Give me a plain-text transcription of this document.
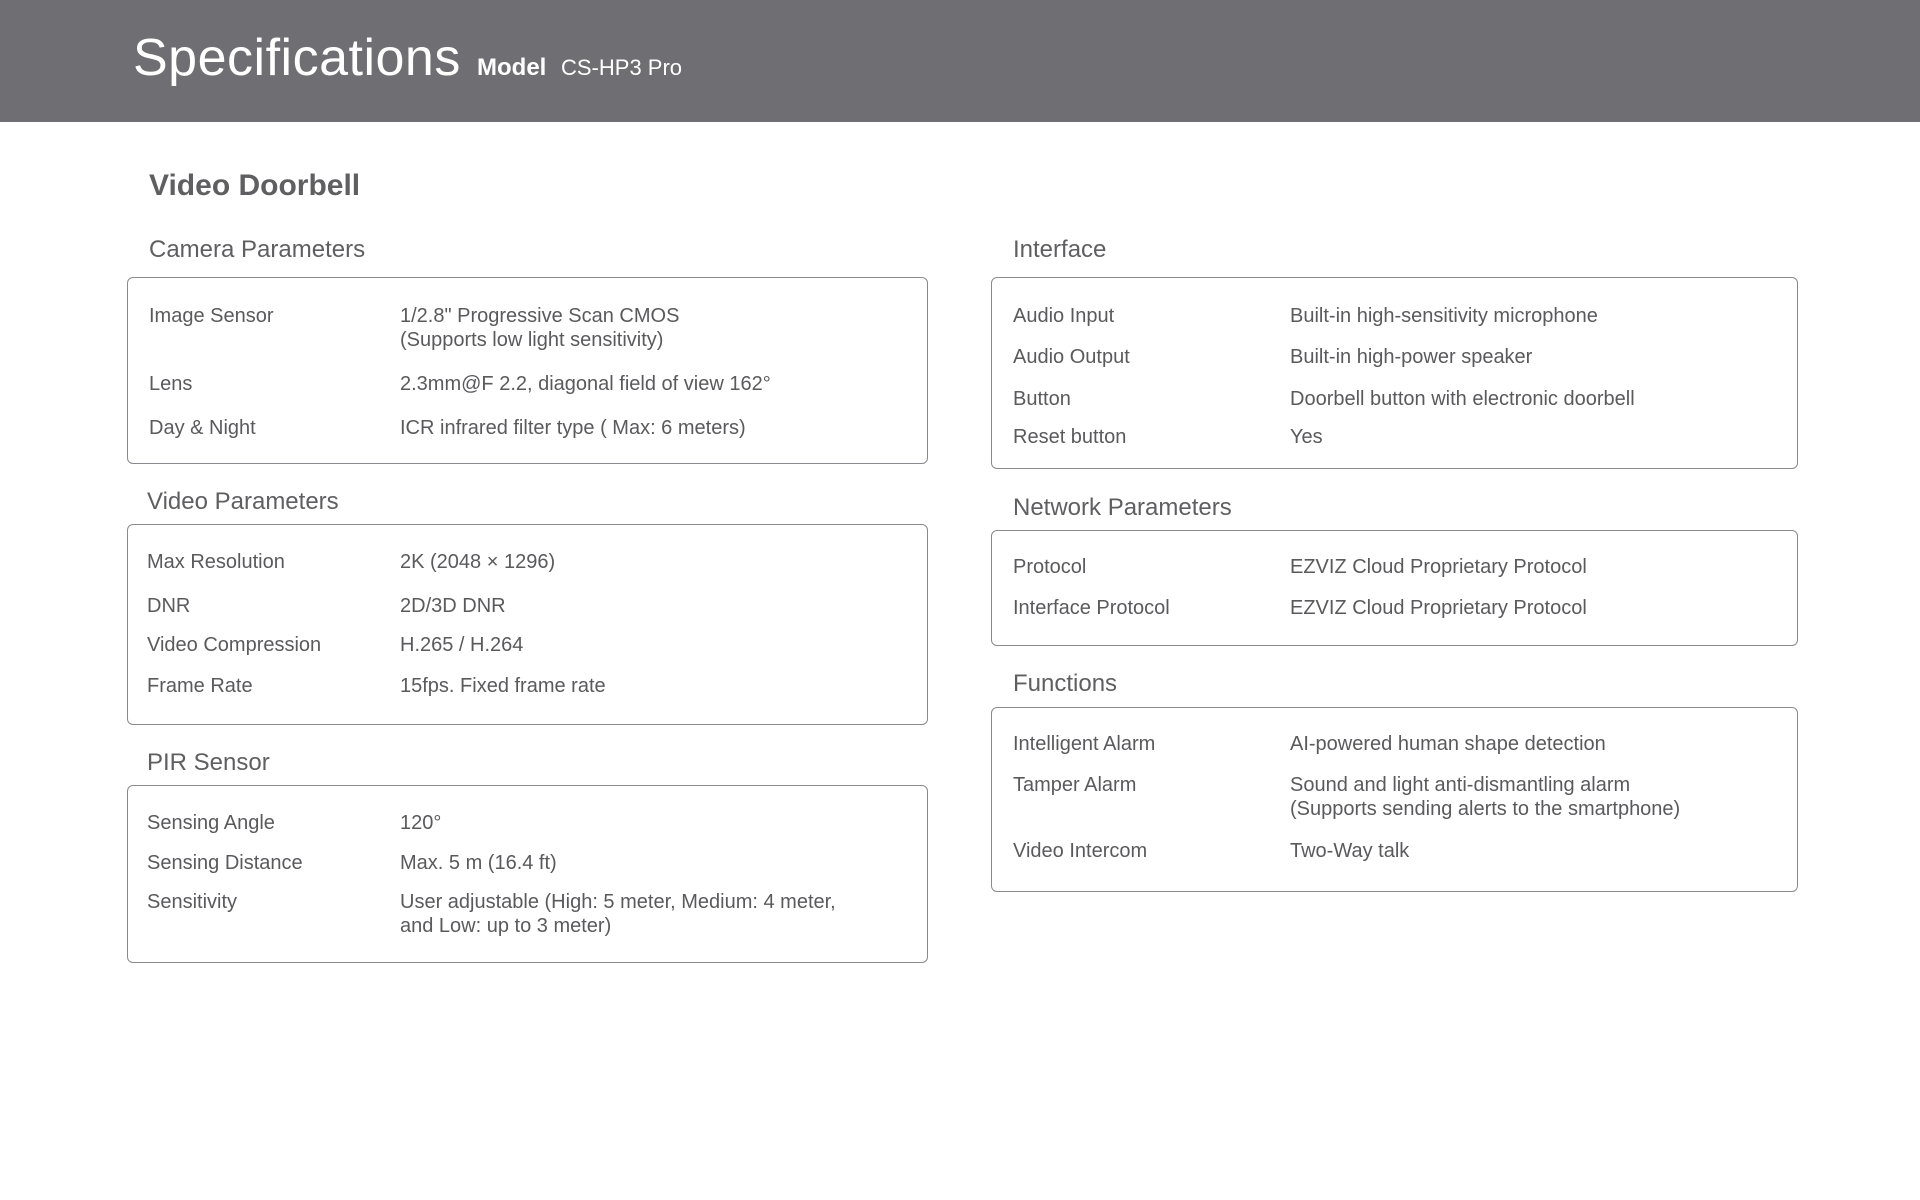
Specifications Model CS-HP3 Pro
Video Doorbell
Camera Parameters
Image Sensor	1/2.8" Progressive Scan CMOS
(Supports low light sensitivity)
Lens	2.3mm@F 2.2, diagonal field of view 162°
Day & Night	ICR infrared filter type ( Max: 6 meters)
Video Parameters
Max Resolution	2K (2048 × 1296)
DNR	2D/3D DNR
Video Compression	H.265 / H.264
Frame Rate	15fps. Fixed frame rate
PIR Sensor
Sensing Angle	120°
Sensing Distance	Max. 5 m (16.4 ft)
Sensitivity	User adjustable (High: 5 meter, Medium: 4 meter,
and Low: up to 3 meter)
Interface
Audio Input	Built-in high-sensitivity microphone
Audio Output	Built-in high-power speaker
Button	Doorbell button with electronic doorbell
Reset button	Yes
Network Parameters
Protocol	EZVIZ Cloud Proprietary Protocol
Interface Protocol	EZVIZ Cloud Proprietary Protocol
Functions
Intelligent Alarm	AI-powered human shape detection
Tamper Alarm	Sound and light anti-dismantling alarm
(Supports sending alerts to the smartphone)
Video Intercom	Two-Way talk
